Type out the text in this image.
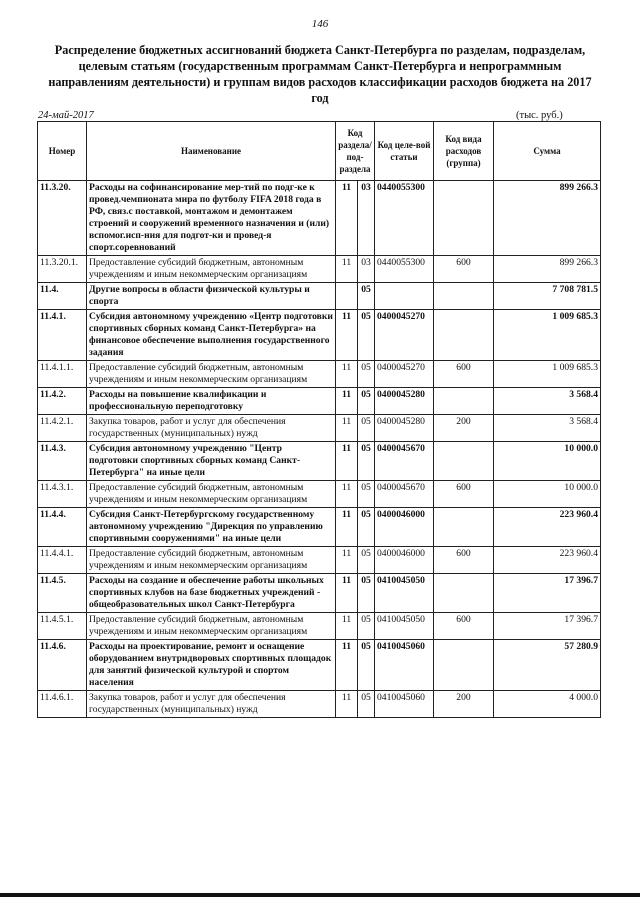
146
Распределение бюджетных ассигнований бюджета Санкт-Петербурга по разделам, подразделам, целевым статьям (государственным программам Санкт-Петербурга и непрограммным направлениям деятельности) и группам видов расходов классификации расходов бюджета на 2017 год
24-май-2017	(тыс. руб.)
Номер	Наименование	Код раздела/ под-раздела		Код целе-вой статьи	Код вида расходов (группа)	Сумма
11.3.20.	Расходы на софинансирование мер-тий по подг-ке к провед.чемпионата мира по футболу FIFA 2018 года в РФ, связ.с поставкой, монтажом и демонтажем строений и сооружений временного назначения и (или) вспомог.исп-ния для подгот-ки и провед-я спорт.соревнований	11	03	0440055300		899 266.3
11.3.20.1.	Предоставление субсидий бюджетным, автономным учреждениям и иным некоммерческим организациям	11	03	0440055300	600	899 266.3
11.4.	Другие вопросы в области физической культуры и спорта		05			7 708 781.5
11.4.1.	Субсидия автономному учреждению «Центр подготовки спортивных сборных команд Санкт-Петербурга» на финансовое обеспечение выполнения государственного задания	11	05	0400045270		1 009 685.3
11.4.1.1.	Предоставление субсидий бюджетным, автономным учреждениям и иным некоммерческим организациям	11	05	0400045270	600	1 009 685.3
11.4.2.	Расходы на повышение квалификации и профессиональную переподготовку	11	05	0400045280		3 568.4
11.4.2.1.	Закупка товаров, работ и услуг для обеспечения государственных (муниципальных) нужд	11	05	0400045280	200	3 568.4
11.4.3.	Субсидия автономному учреждению "Центр подготовки спортивных сборных команд Санкт-Петербурга" на иные цели	11	05	0400045670		10 000.0
11.4.3.1.	Предоставление субсидий бюджетным, автономным учреждениям и иным некоммерческим организациям	11	05	0400045670	600	10 000.0
11.4.4.	Субсидия Санкт-Петербургскому государственному автономному учреждению "Дирекция по управлению спортивными сооружениями" на иные цели	11	05	0400046000		223 960.4
11.4.4.1.	Предоставление субсидий бюджетным, автономным учреждениям и иным некоммерческим организациям	11	05	0400046000	600	223 960.4
11.4.5.	Расходы на создание и обеспечение работы школьных спортивных клубов на базе бюджетных учреждений - общеобразовательных школ Санкт-Петербурга	11	05	0410045050		17 396.7
11.4.5.1.	Предоставление субсидий бюджетным, автономным учреждениям и иным некоммерческим организациям	11	05	0410045050	600	17 396.7
11.4.6.	Расходы на проектирование, ремонт и оснащение оборудованием внутридворовых спортивных площадок для занятий физической культурой и спортом населения	11	05	0410045060		57 280.9
11.4.6.1.	Закупка товаров, работ и услуг для обеспечения государственных (муниципальных) нужд	11	05	0410045060	200	4 000.0
